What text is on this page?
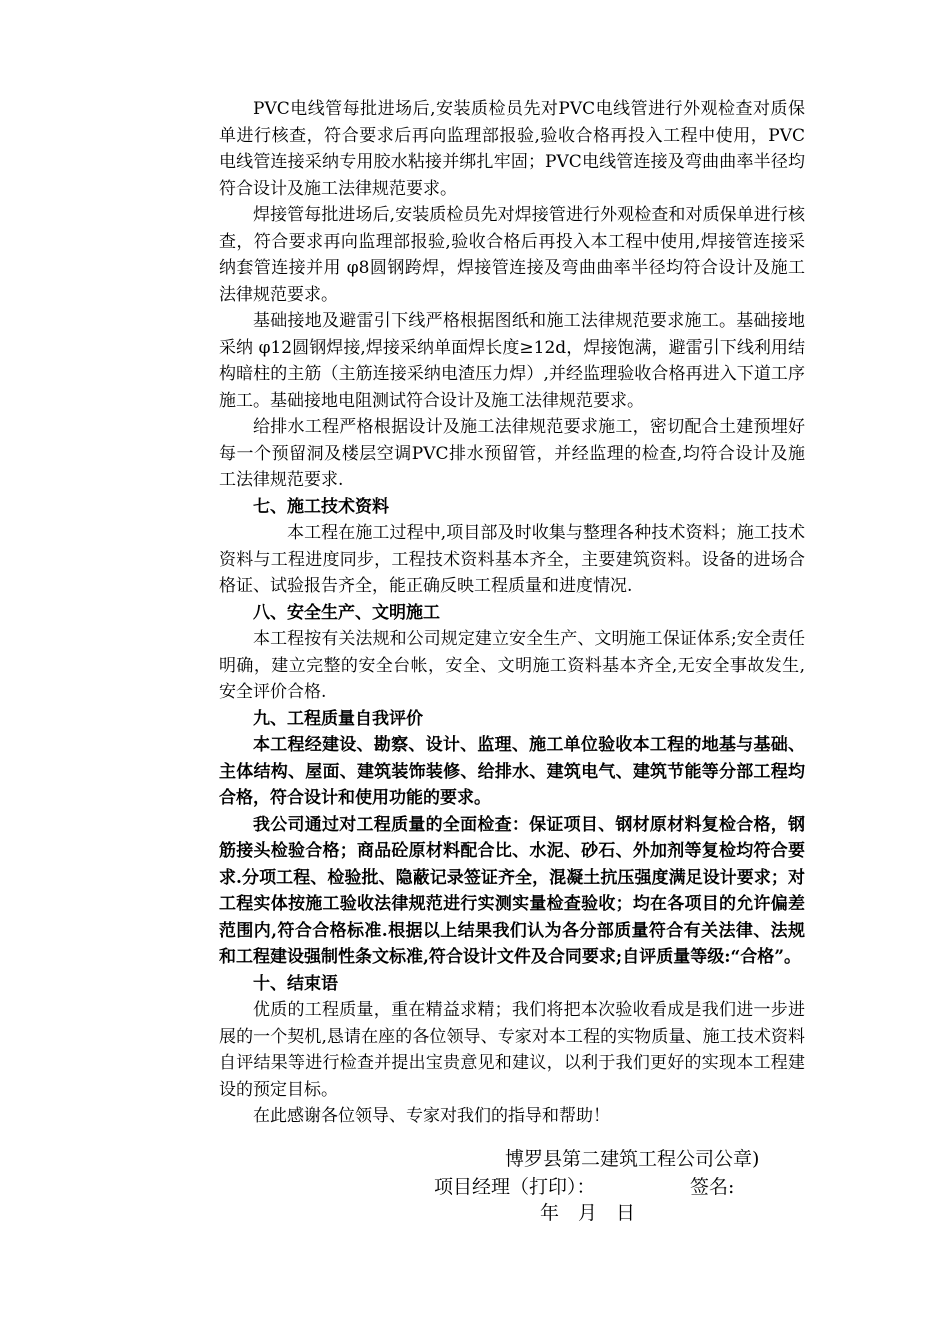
PVC电线管每批进场后,安装质检员先对PVC电线管进行外观检查对质保单进行核查，符合要求后再向监理部报验,验收合格再投入工程中使用，PVC电线管连接采纳专用胶水粘接并绑扎牢固；PVC电线管连接及弯曲曲率半径均符合设计及施工法律规范要求。

焊接管每批进场后,安装质检员先对焊接管进行外观检查和对质保单进行核查，符合要求再向监理部报验,验收合格后再投入本工程中使用,焊接管连接采纳套管连接并用 φ8圆钢跨焊，焊接管连接及弯曲曲率半径均符合设计及施工法律规范要求。

基础接地及避雷引下线严格根据图纸和施工法律规范要求施工。基础接地采纳 φ12圆钢焊接,焊接采纳单面焊长度≥12d，焊接饱满，避雷引下线利用结构暗柱的主筋（主筋连接采纳电渣压力焊）,并经监理验收合格再进入下道工序施工。基础接地电阻测试符合设计及施工法律规范要求。

给排水工程严格根据设计及施工法律规范要求施工，密切配合土建预埋好每一个预留洞及楼层空调PVC排水预留管，并经监理的检查,均符合设计及施工法律规范要求.

七、施工技术资料

本工程在施工过程中,项目部及时收集与整理各种技术资料；施工技术资料与工程进度同步，工程技术资料基本齐全，主要建筑资料。设备的进场合格证、试验报告齐全，能正确反映工程质量和进度情况.

八、安全生产、文明施工

本工程按有关法规和公司规定建立安全生产、文明施工保证体系;安全责任明确，建立完整的安全台帐，安全、文明施工资料基本齐全,无安全事故发生,安全评价合格.

九、工程质量自我评价

本工程经建设、勘察、设计、监理、施工单位验收本工程的地基与基础、主体结构、屋面、建筑装饰装修、给排水、建筑电气、建筑节能等分部工程均合格，符合设计和使用功能的要求。

我公司通过对工程质量的全面检查：保证项目、钢材原材料复检合格，钢筋接头检验合格；商品砼原材料配合比、水泥、砂石、外加剂等复检均符合要求.分项工程、检验批、隐蔽记录签证齐全，混凝土抗压强度满足设计要求；对工程实体按施工验收法律规范进行实测实量检查验收；均在各项目的允许偏差范围内,符合合格标准.根据以上结果我们认为各分部质量符合有关法律、法规和工程建设强制性条文标准,符合设计文件及合同要求;自评质量等级:“合格”。

十、结束语

优质的工程质量，重在精益求精；我们将把本次验收看成是我们进一步进展的一个契机,恳请在座的各位领导、专家对本工程的实物质量、施工技术资料自评结果等进行检查并提出宝贵意见和建议，以利于我们更好的实现本工程建设的预定目标。

在此感谢各位领导、专家对我们的指导和帮助！

博罗县第二建筑工程公司公章)
项目经理（打印）：	签名:
年　月　日
